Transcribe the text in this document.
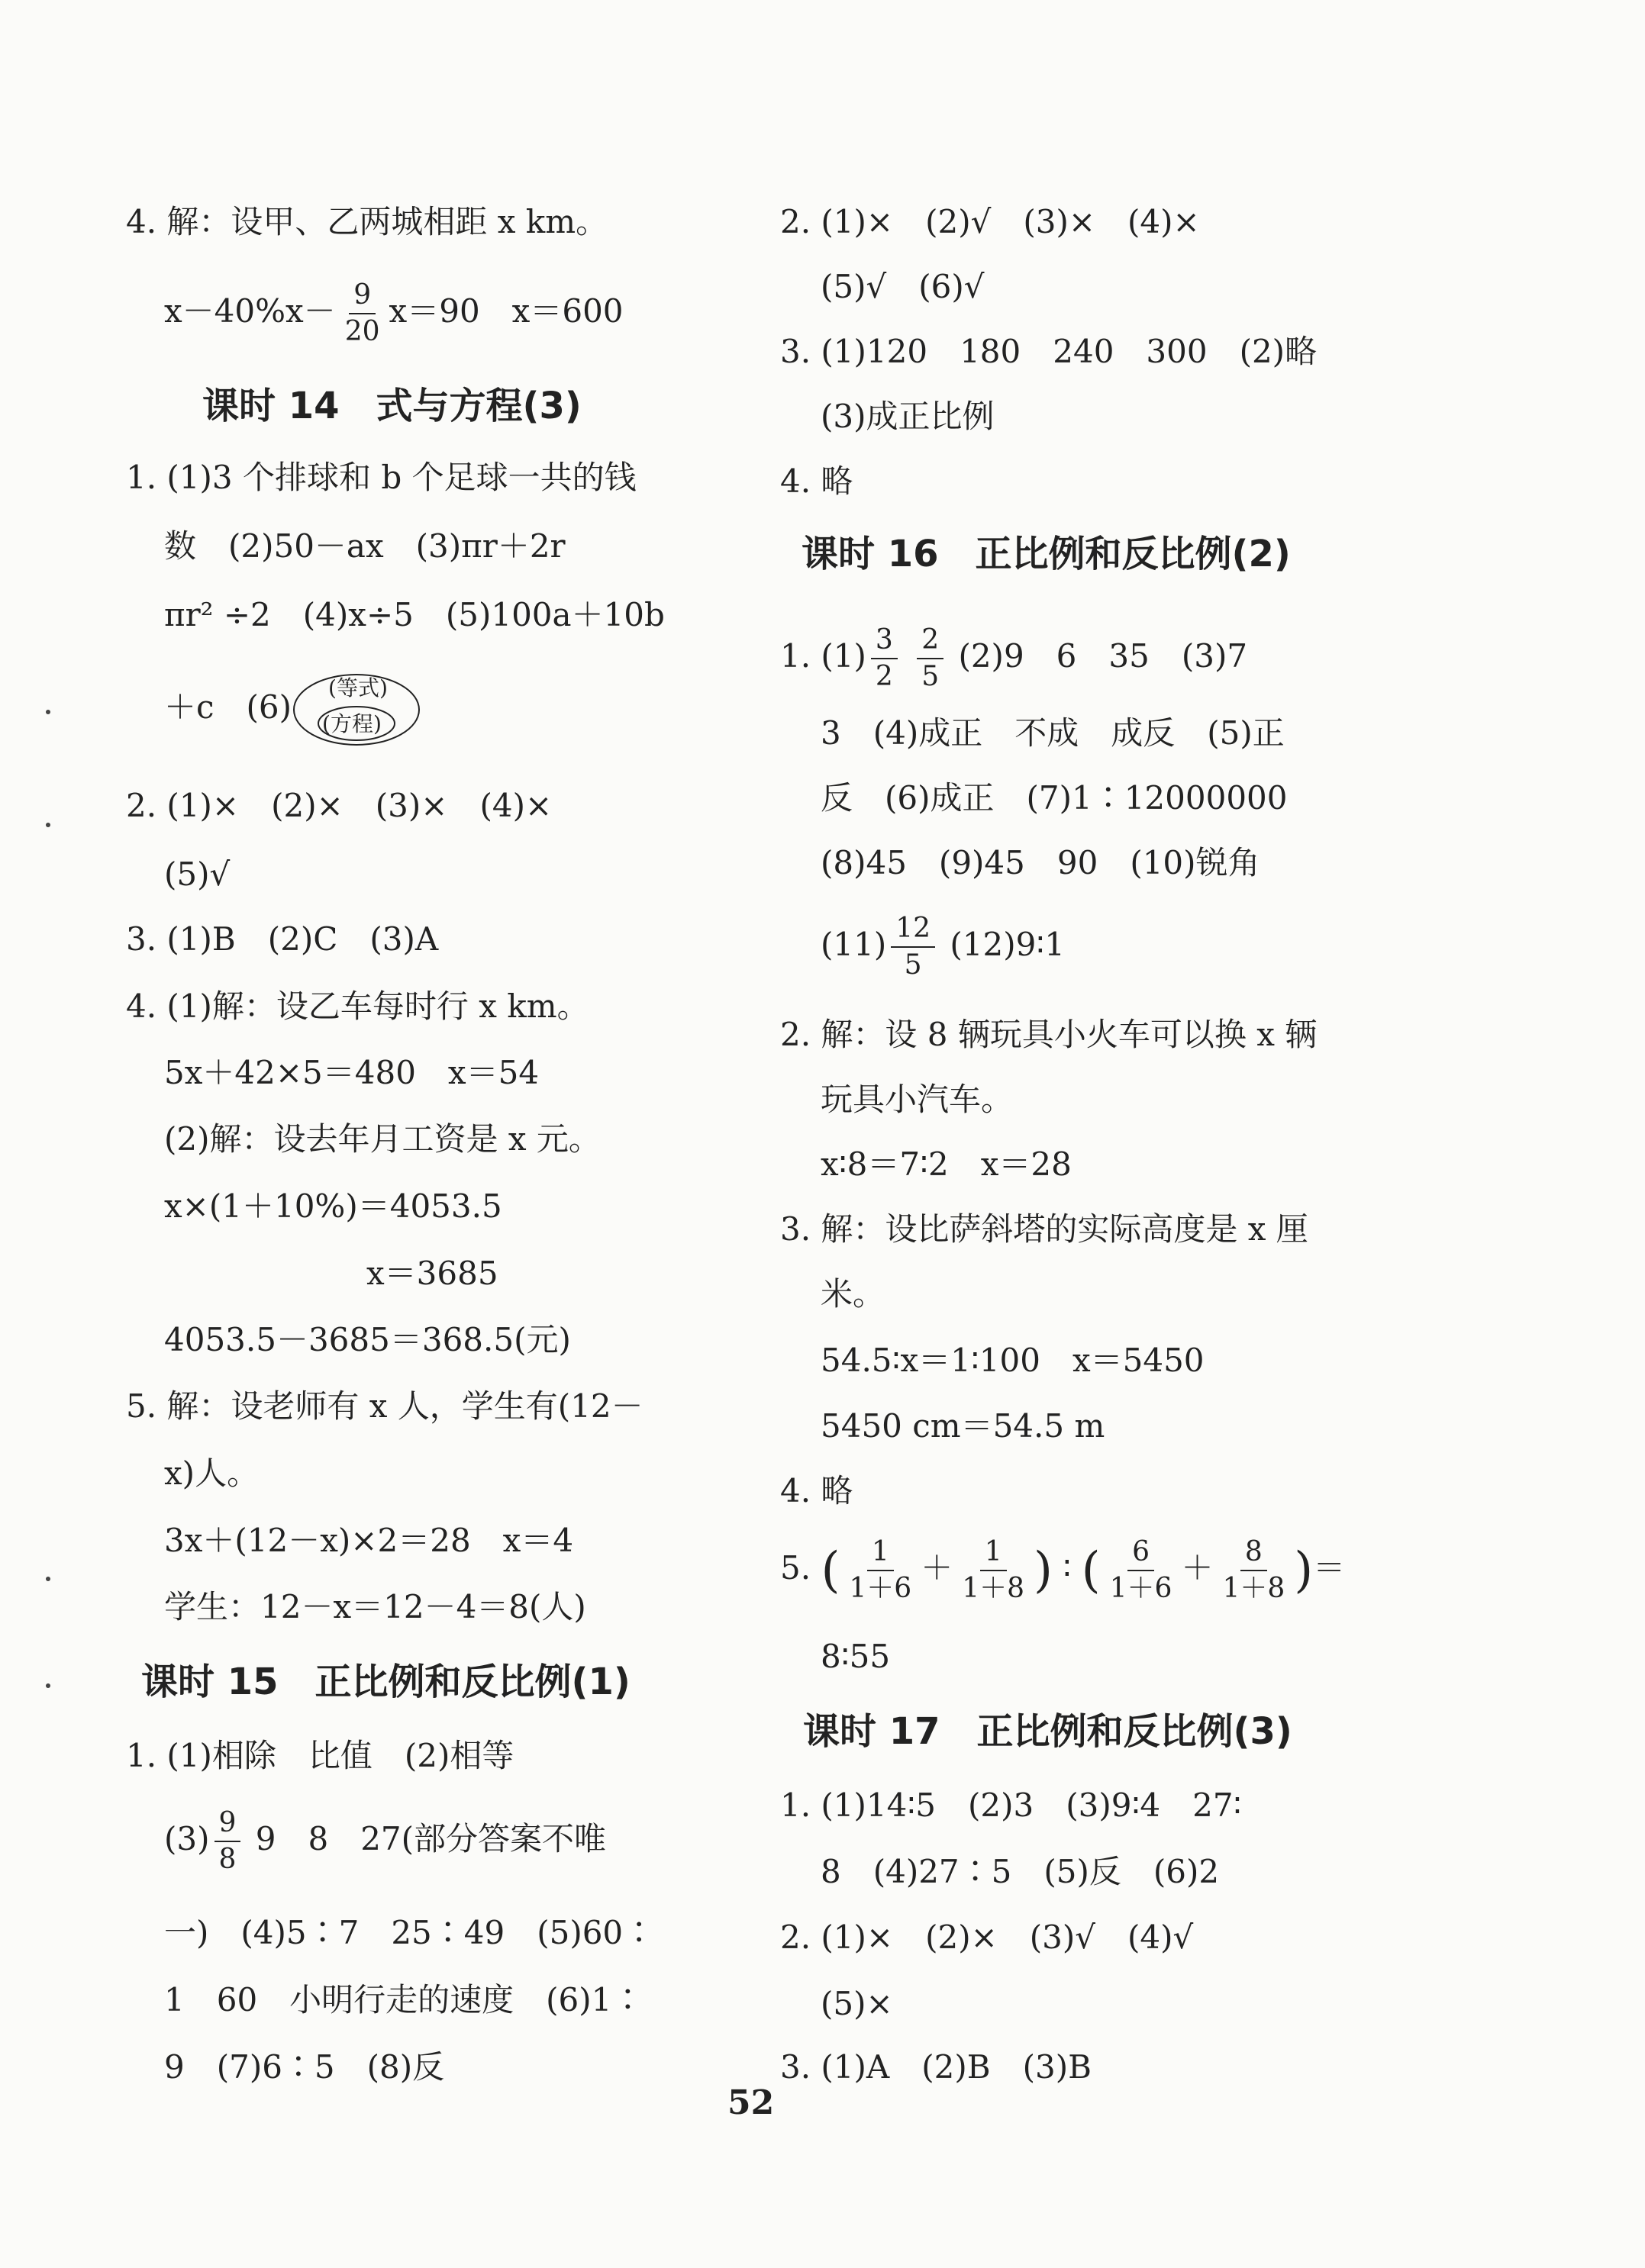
4. 解：设甲、乙两城相距 x km。
$x-40\%x- \frac{9}{20} x=90$　x＝600
课时 14　式与方程(3)
1. (1)3 个排球和 b 个足球一共的钱
数　(2)50－ax　(3)πr＋2r
πr² ÷2　(4)x÷5　(5)100a＋10b
＋c　(6)
(等式)
(方程)
2. (1)×　(2)×　(3)×　(4)×
(5)√
3. (1)B　(2)C　(3)A
4. (1)解：设乙车每时行 x km。
5x＋42×5＝480　x＝54
(2)解：设去年月工资是 x 元。
x×(1＋10%)＝4053.5
x＝3685
4053.5－3685＝368.5(元)
5. 解：设老师有 x 人，学生有(12－
x)人。
3x＋(12－x)×2＝28　x＝4
学生：12－x＝12－4＝8(人)
课时 15　正比例和反比例(1)
1. (1)相除　比值　(2)相等
$(3) \frac{9}{8} 9$　8　27(部分答案不唯
一)　(4)5∶7　25∶49　(5)60∶
1　60　小明行走的速度　(6)1∶
9　(7)6∶5　(8)反
2. (1)×　(2)√　(3)×　(4)×
(5)√　(6)√
3. (1)120　180　240　300　(2)略
(3)成正比例
4. 略
课时 16　正比例和反比例(2)
1. $(1) \frac{3}{2}$
$\frac{2}{5} (2)9$　6　35　(3)7
3　(4)成正　不成　成反　(5)正
反　(6)成正　(7)1∶12000000
(8)45　(9)45　90　(10)锐角
$(11) \frac{12}{5}$ (12)9∶1
2. 解：设 8 辆玩具小火车可以换 x 辆
玩具小汽车。
x∶8＝7∶2　x＝28
3. 解：设比萨斜塔的实际高度是 x 厘
米。
54.5∶x＝1∶100　x＝5450
5450 cm＝54.5 m
4. 略
5. ( $\frac{1}{1+6} + \frac{1}{1+8}$ ) ∶ ( $\frac{6}{1+6} + \frac{8}{1+8}$ )＝
8∶55
课时 17　正比例和反比例(3)
1. (1)14∶5　(2)3　(3)9∶4　27∶
8　(4)27∶5　(5)反　(6)2
2. (1)×　(2)×　(3)√　(4)√
(5)×
3. (1)A　(2)B　(3)B
52
